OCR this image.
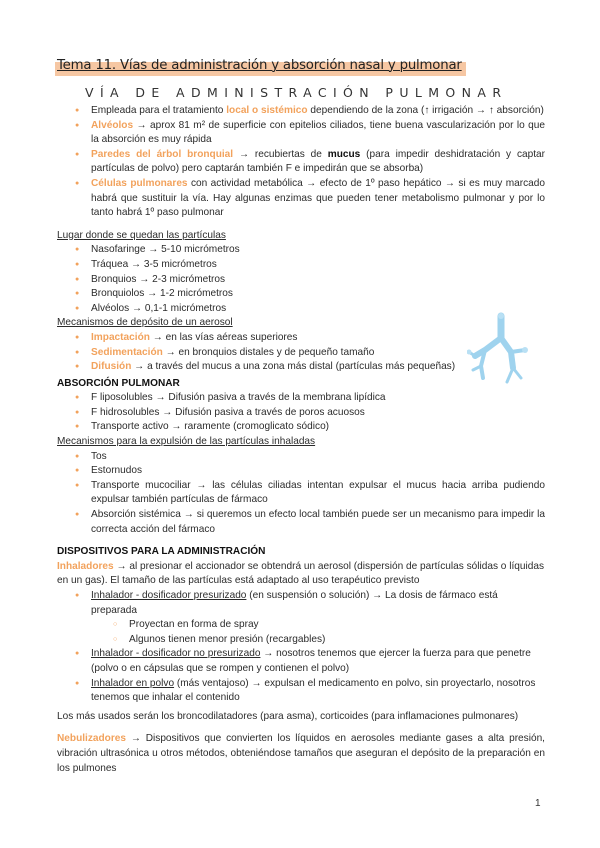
Tema 11. Vías de administración y absorción nasal y pulmonar
VÍA DE ADMINISTRACIÓN PULMONAR
● Empleada para el tratamiento local o sistémico dependiendo de la zona (↑ irrigación → ↑ absorción)
● Alvéolos → aprox 81 m² de superficie con epitelios ciliados, tiene buena vascularización por lo que la absorción es muy rápida
● Paredes del árbol bronquial → recubiertas de mucus (para impedir deshidratación y captar partículas de polvo) pero captarán también F e impedirán que se absorba)
● Células pulmonares con actividad metabólica → efecto de 1º paso hepático → si es muy marcado habrá que sustituir la vía. Hay algunas enzimas que pueden tener metabolismo pulmonar y por lo tanto habrá 1º paso pulmonar
Lugar donde se quedan las partículas
● Nasofaringe → 5-10 micrómetros
● Tráquea → 3-5 micrómetros
● Bronquios → 2-3 micrómetros
● Bronquiolos → 1-2 micrómetros
● Alvéolos → 0,1-1 micrómetros
Mecanismos de depósito de un aerosol
● Impactación → en las vías aéreas superiores
● Sedimentación → en bronquios distales y de pequeño tamaño
● Difusión → a través del mucus a una zona más distal (partículas más pequeñas)
ABSORCIÓN PULMONAR
● F liposolubles → Difusión pasiva a través de la membrana lipídica
● F hidrosolubles → Difusión pasiva a través de poros acuosos
● Transporte activo → raramente (cromoglicato sódico)
Mecanismos para la expulsión de las partículas inhaladas
● Tos
● Estornudos
● Transporte mucociliar → las células ciliadas intentan expulsar el mucus hacia arriba pudiendo expulsar también partículas de fármaco
● Absorción sistémica → si queremos un efecto local también puede ser un mecanismo para impedir la correcta acción del fármaco
DISPOSITIVOS PARA LA ADMINISTRACIÓN
Inhaladores → al presionar el accionador se obtendrá un aerosol (dispersión de partículas sólidas o líquidas en un gas). El tamaño de las partículas está adaptado al uso terapéutico previsto
● Inhalador - dosificador presurizado (en suspensión o solución) → La dosis de fármaco está preparada
○ Proyectan en forma de spray
○ Algunos tienen menor presión (recargables)
● Inhalador - dosificador no presurizado → nosotros tenemos que ejercer la fuerza para que penetre (polvo o en cápsulas que se rompen y contienen el polvo)
● Inhalador en polvo (más ventajoso) → expulsan el medicamento en polvo, sin proyectarlo, nosotros tenemos que inhalar el contenido
Los más usados serán los broncodilatadores (para asma), corticoides (para inflamaciones pulmonares)
Nebulizadores → Dispositivos que convierten los líquidos en aerosoles mediante gases a alta presión, vibración ultrasónica u otros métodos, obteniéndose tamaños que aseguran el depósito de la preparación en los pulmones
1
